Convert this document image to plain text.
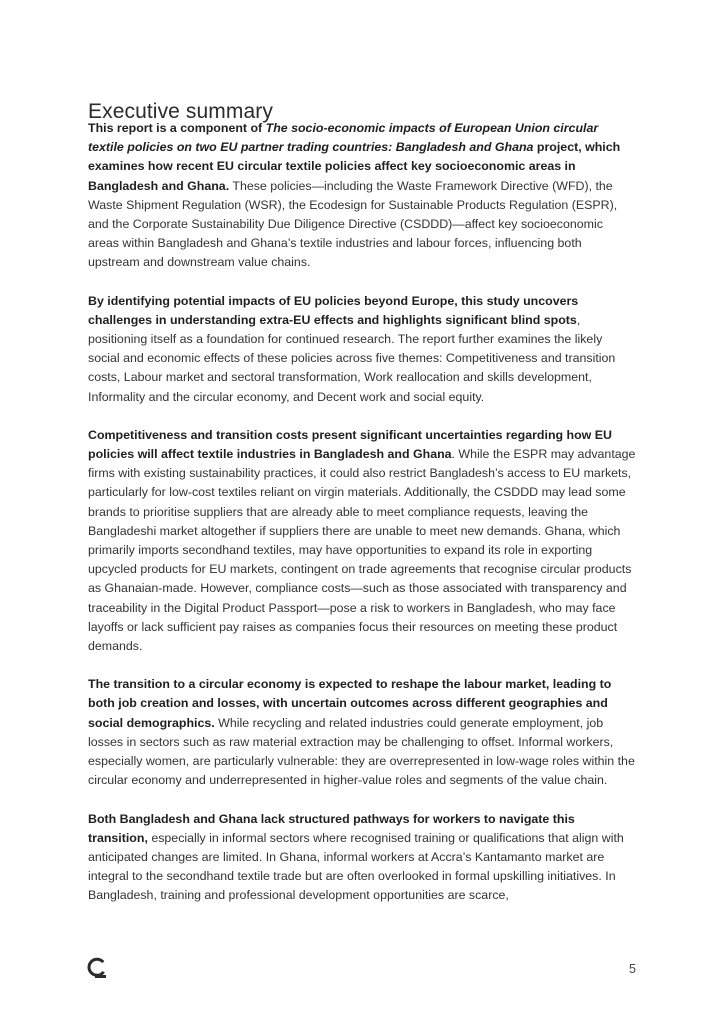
Executive summary

This report is a component of The socio-economic impacts of European Union circular textile policies on two EU partner trading countries: Bangladesh and Ghana project, which examines how recent EU circular textile policies affect key socioeconomic areas in Bangladesh and Ghana. These policies—including the Waste Framework Directive (WFD), the Waste Shipment Regulation (WSR), the Ecodesign for Sustainable Products Regulation (ESPR), and the Corporate Sustainability Due Diligence Directive (CSDDD)—affect key socioeconomic areas within Bangladesh and Ghana’s textile industries and labour forces, influencing both upstream and downstream value chains.

By identifying potential impacts of EU policies beyond Europe, this study uncovers challenges in understanding extra-EU effects and highlights significant blind spots, positioning itself as a foundation for continued research. The report further examines the likely social and economic effects of these policies across five themes: Competitiveness and transition costs, Labour market and sectoral transformation, Work reallocation and skills development, Informality and the circular economy, and Decent work and social equity.

Competitiveness and transition costs present significant uncertainties regarding how EU policies will affect textile industries in Bangladesh and Ghana. While the ESPR may advantage firms with existing sustainability practices, it could also restrict Bangladesh’s access to EU markets, particularly for low-cost textiles reliant on virgin materials. Additionally, the CSDDD may lead some brands to prioritise suppliers that are already able to meet compliance requests, leaving the Bangladeshi market altogether if suppliers there are unable to meet new demands. Ghana, which primarily imports secondhand textiles, may have opportunities to expand its role in exporting upcycled products for EU markets, contingent on trade agreements that recognise circular products as Ghanaian-made. However, compliance costs—such as those associated with transparency and traceability in the Digital Product Passport—pose a risk to workers in Bangladesh, who may face layoffs or lack sufficient pay raises as companies focus their resources on meeting these product demands.

The transition to a circular economy is expected to reshape the labour market, leading to both job creation and losses, with uncertain outcomes across different geographies and social demographics. While recycling and related industries could generate employment, job losses in sectors such as raw material extraction may be challenging to offset. Informal workers, especially women, are particularly vulnerable: they are overrepresented in low-wage roles within the circular economy and underrepresented in higher-value roles and segments of the value chain.

Both Bangladesh and Ghana lack structured pathways for workers to navigate this transition, especially in informal sectors where recognised training or qualifications that align with anticipated changes are limited. In Ghana, informal workers at Accra’s Kantamanto market are integral to the secondhand textile trade but are often overlooked in formal upskilling initiatives. In Bangladesh, training and professional development opportunities are scarce,

5
